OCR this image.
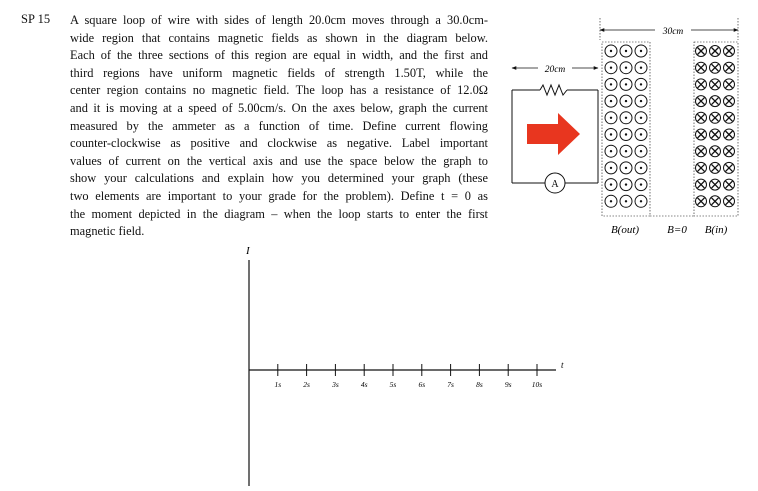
SP 15 A square loop of wire with sides of length 20.0cm moves through a 30.0cm-
wide region that contains magnetic fields as shown in the diagram below.
Each of the three sections of this region are equal in width, and the first and
third regions have uniform magnetic fields of strength 1.50T, while the
center region contains no magnetic field. The loop has a resistance of 12.0Ω
and it is moving at a speed of 5.00cm/s. On the axes below, graph the current
measured by the ammeter as a function of time. Define current flowing
counter-clockwise as positive and clockwise as negative. Label important
values of current on the vertical axis and use the space below the graph to
show your calculations and explain how you determined your graph (these
two elements are important to your grade for the problem). Define t = 0 as
the moment depicted in the diagram – when the loop starts to enter the first
magnetic field.
30cm
20cm
A
B(out)	B=0 B(in)
I
t
1s	2s	3s	4s	5s	6s	7s	8s	9s	10s
